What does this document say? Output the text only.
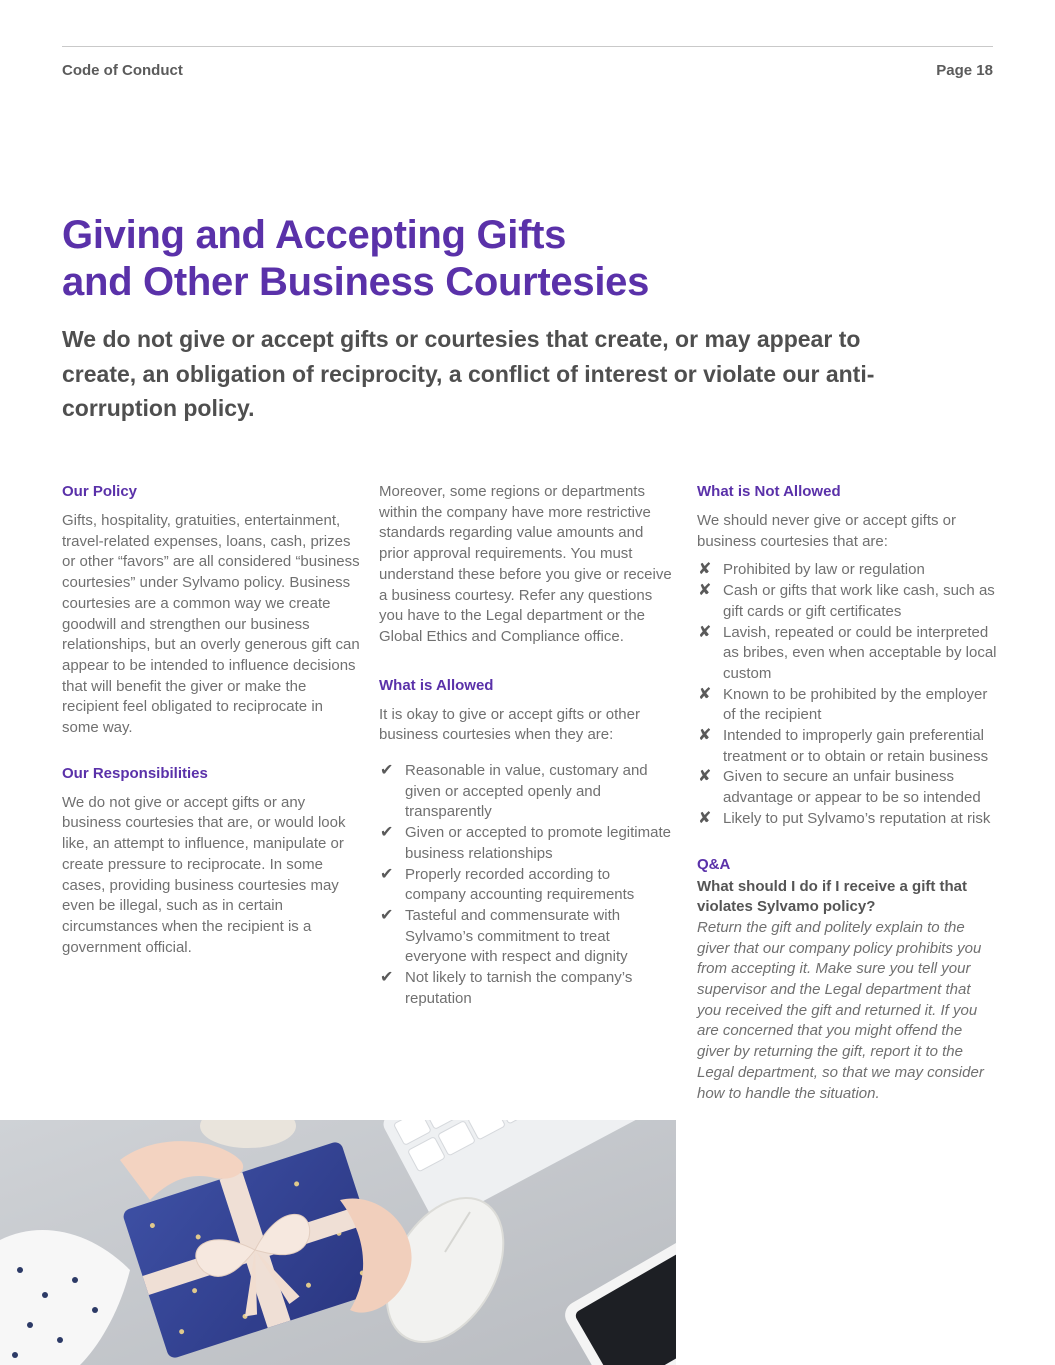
Code of Conduct	Page 18
Giving and Accepting Gifts
and Other Business Courtesies

We do not give or accept gifts or courtesies that create, or may appear to create, an obligation of reciprocity, a conflict of interest or violate our anti-corruption policy.

Our Policy

Gifts, hospitality, gratuities, entertainment, travel-related expenses, loans, cash, prizes or other “favors” are all considered “business courtesies” under Sylvamo policy. Business courtesies are a common way we create goodwill and strengthen our business relationships, but an overly generous gift can appear to be intended to influence decisions that will benefit the giver or make the recipient feel obligated to reciprocate in some way.

Our Responsibilities

We do not give or accept gifts or any business courtesies that are, or would look like, an attempt to influence, manipulate or create pressure to reciprocate. In some cases, providing business courtesies may even be illegal, such as in certain circumstances when the recipient is a government official.

Moreover, some regions or departments within the company have more restrictive standards regarding value amounts and prior approval requirements. You must understand these before you give or receive a business courtesy. Refer any questions you have to the Legal department or the Global Ethics and Compliance office.

What is Allowed

It is okay to give or accept gifts or other business courtesies when they are:

✔ Reasonable in value, customary and given or accepted openly and transparently
✔ Given or accepted to promote legitimate business relationships
✔ Properly recorded according to company accounting requirements
✔ Tasteful and commensurate with Sylvamo’s commitment to treat everyone with respect and dignity
✔ Not likely to tarnish the company’s reputation
What is Not Allowed

We should never give or accept gifts or business courtesies that are:

✘ Prohibited by law or regulation
✘ Cash or gifts that work like cash, such as gift cards or gift certificates
✘ Lavish, repeated or could be interpreted as bribes, even when acceptable by local custom
✘ Known to be prohibited by the employer of the recipient
✘ Intended to improperly gain preferential treatment or to obtain or retain business
✘ Given to secure an unfair business advantage or appear to be so intended
✘ Likely to put Sylvamo’s reputation at risk
Q&A

What should I do if I receive a gift that violates Sylvamo policy?

Return the gift and politely explain to the giver that our company policy prohibits you from accepting it. Make sure you tell your supervisor and the Legal department that you received the gift and returned it. If you are concerned that you might offend the giver by returning the gift, report it to the Legal department, so that we may consider how to handle the situation.
